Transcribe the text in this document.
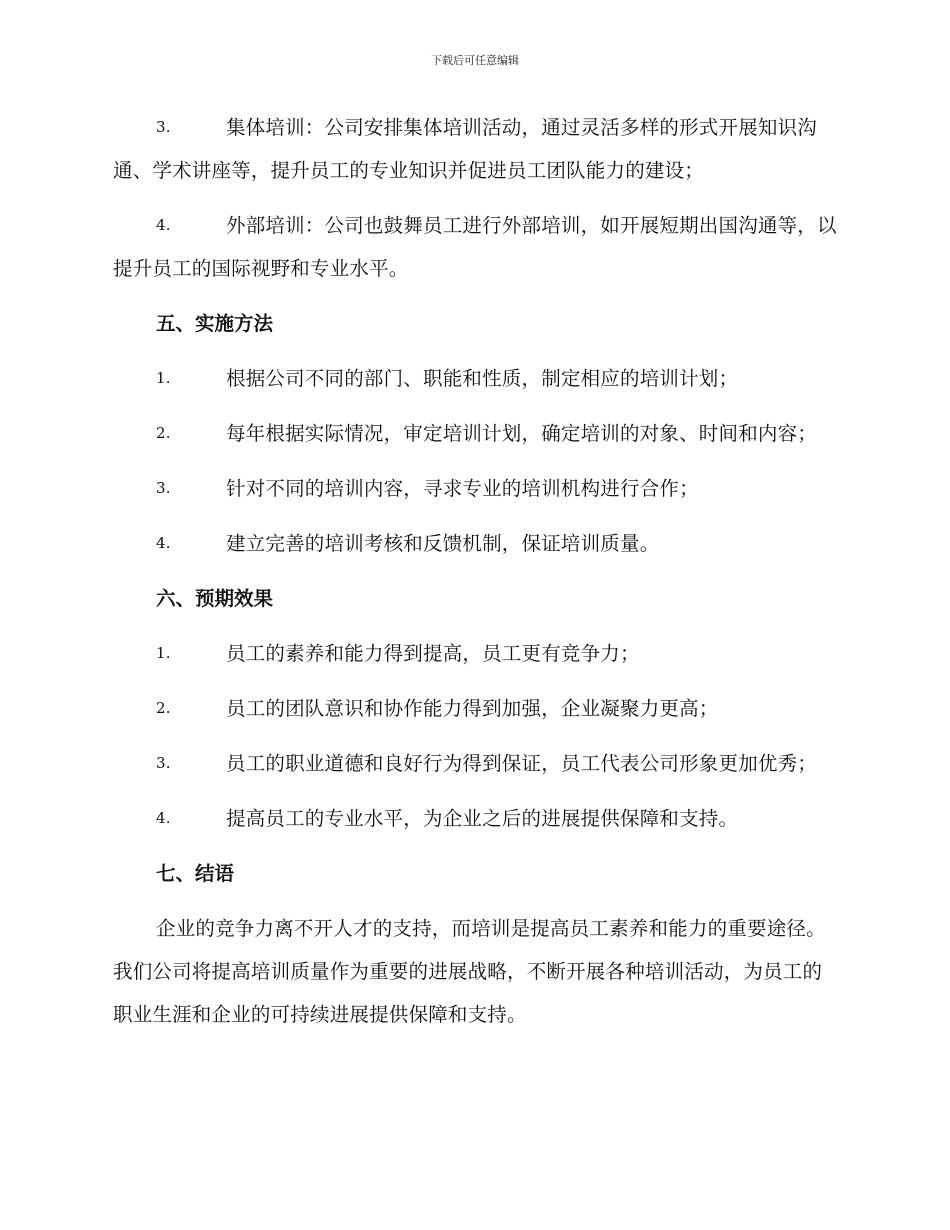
下载后可任意编辑
3.	集体培训：公司安排集体培训活动，通过灵活多样的形式开展知识沟通、学术讲座等，提升员工的专业知识并促进员工团队能力的建设；
4.	外部培训：公司也鼓舞员工进行外部培训，如开展短期出国沟通等，以提升员工的国际视野和专业水平。
五、实施方法
1.	根据公司不同的部门、职能和性质，制定相应的培训计划；
2.	每年根据实际情况，审定培训计划，确定培训的对象、时间和内容；
3.	针对不同的培训内容，寻求专业的培训机构进行合作；
4.	建立完善的培训考核和反馈机制，保证培训质量。
六、预期效果
1.	员工的素养和能力得到提高，员工更有竞争力；
2.	员工的团队意识和协作能力得到加强，企业凝聚力更高；
3.	员工的职业道德和良好行为得到保证，员工代表公司形象更加优秀；
4.	提高员工的专业水平，为企业之后的进展提供保障和支持。
七、结语
企业的竞争力离不开人才的支持，而培训是提高员工素养和能力的重要途径。我们公司将提高培训质量作为重要的进展战略，不断开展各种培训活动，为员工的职业生涯和企业的可持续进展提供保障和支持。
